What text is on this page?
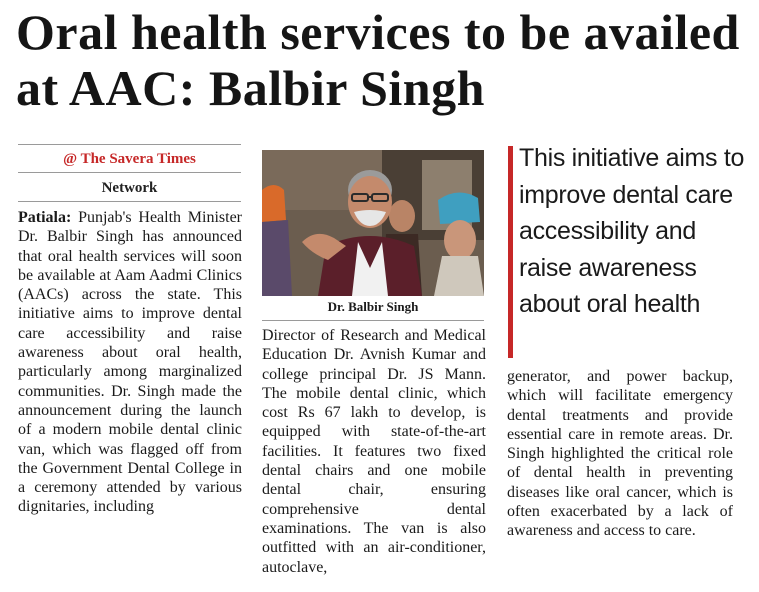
Oral health services to be availed at AAC: Balbir Singh
@ The Savera Times
Network

Patiala: Punjab's Health Minister Dr. Balbir Singh has announced that oral health services will soon be available at Aam Aadmi Clinics (AACs) across the state. This initiative aims to improve dental care accessibility and raise awareness about oral health, particularly among marginalized communities. Dr. Singh made the announcement during the launch of a modern mobile dental clinic van, which was flagged off from the Government Dental College in a ceremony attended by various dignitaries, including

Dr. Balbir Singh

Director of Research and Medical Education Dr. Avnish Kumar and college principal Dr. JS Mann. The mobile dental clinic, which cost Rs 67 lakh to develop, is equipped with state-of-the-art facilities. It features two fixed dental chairs and one mobile dental chair, ensuring comprehensive dental examinations. The van is also outfitted with an air-conditioner, autoclave,

This initiative aims to improve dental care accessibility and raise awareness about oral health

generator, and power backup, which will facilitate emergency dental treatments and provide essential care in remote areas. Dr. Singh highlighted the critical role of dental health in preventing diseases like oral cancer, which is often exacerbated by a lack of awareness and access to care.
